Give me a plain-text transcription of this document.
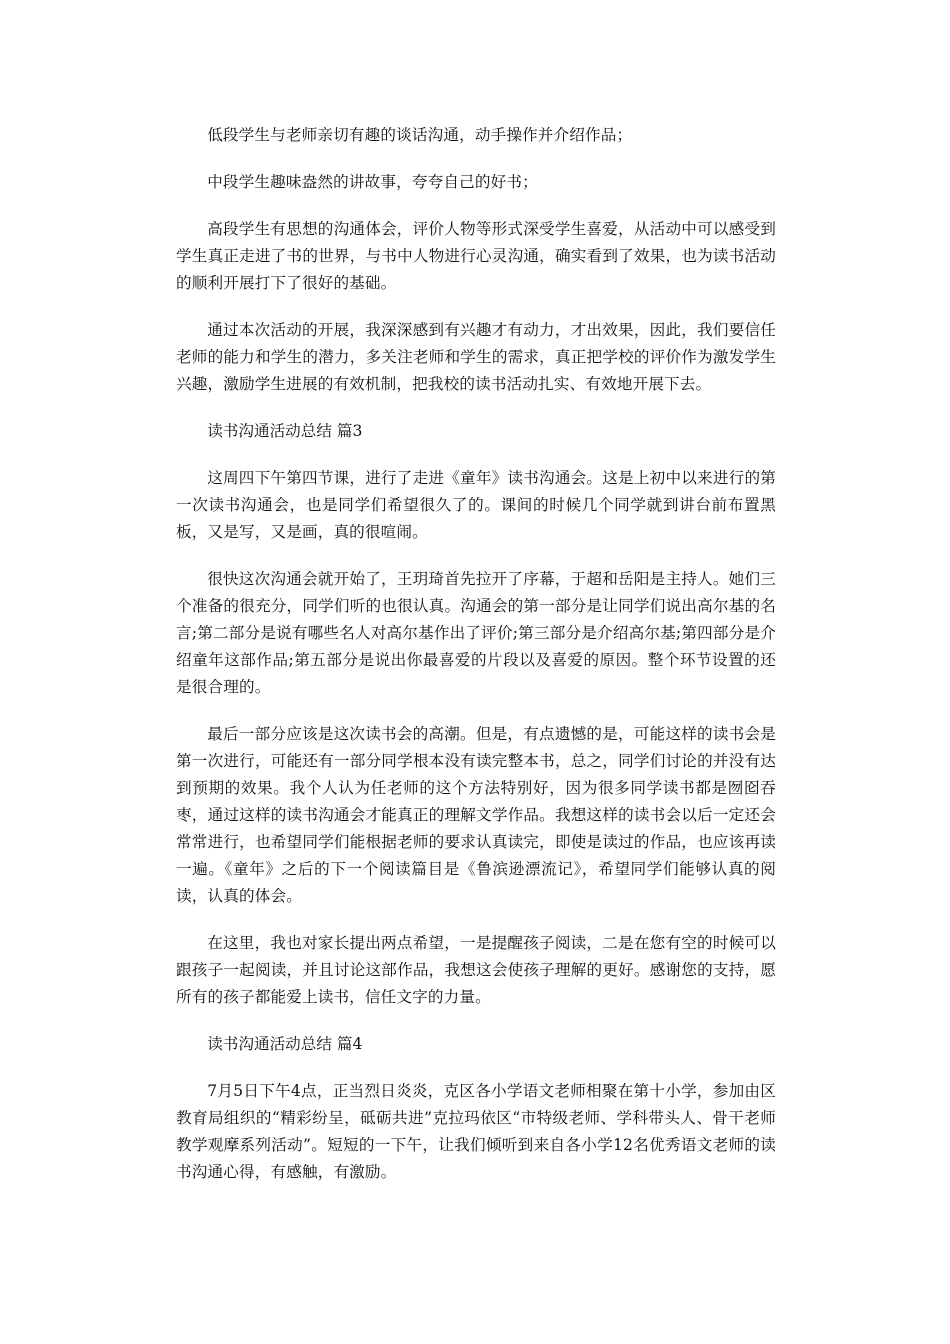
低段学生与老师亲切有趣的谈话沟通，动手操作并介绍作品；

中段学生趣味盎然的讲故事，夸夸自己的好书；

高段学生有思想的沟通体会，评价人物等形式深受学生喜爱，从活动中可以感受到学生真正走进了书的世界，与书中人物进行心灵沟通，确实看到了效果，也为读书活动的顺利开展打下了很好的基础。

通过本次活动的开展，我深深感到有兴趣才有动力，才出效果，因此，我们要信任老师的能力和学生的潜力，多关注老师和学生的需求，真正把学校的评价作为激发学生兴趣，激励学生进展的有效机制，把我校的读书活动扎实、有效地开展下去。

读书沟通活动总结 篇3

这周四下午第四节课，进行了走进《童年》读书沟通会。这是上初中以来进行的第一次读书沟通会，也是同学们希望很久了的。课间的时候几个同学就到讲台前布置黑板，又是写，又是画，真的很喧闹。

很快这次沟通会就开始了，王玥琦首先拉开了序幕，于超和岳阳是主持人。她们三个准备的很充分，同学们听的也很认真。沟通会的第一部分是让同学们说出高尔基的名言;第二部分是说有哪些名人对高尔基作出了评价;第三部分是介绍高尔基;第四部分是介绍童年这部作品;第五部分是说出你最喜爱的片段以及喜爱的原因。整个环节设置的还是很合理的。

最后一部分应该是这次读书会的高潮。但是，有点遗憾的是，可能这样的读书会是第一次进行，可能还有一部分同学根本没有读完整本书，总之，同学们讨论的并没有达到预期的效果。我个人认为任老师的这个方法特别好，因为很多同学读书都是囫囵吞枣，通过这样的读书沟通会才能真正的理解文学作品。我想这样的读书会以后一定还会常常进行，也希望同学们能根据老师的要求认真读完，即使是读过的作品，也应该再读一遍。《童年》之后的下一个阅读篇目是《鲁滨逊漂流记》，希望同学们能够认真的阅读，认真的体会。

在这里，我也对家长提出两点希望，一是提醒孩子阅读，二是在您有空的时候可以跟孩子一起阅读，并且讨论这部作品，我想这会使孩子理解的更好。感谢您的支持，愿所有的孩子都能爱上读书，信任文字的力量。

读书沟通活动总结 篇4

7月5日下午4点，正当烈日炎炎，克区各小学语文老师相聚在第十小学，参加由区教育局组织的“精彩纷呈，砥砺共进”克拉玛依区“市特级老师、学科带头人、骨干老师教学观摩系列活动”。短短的一下午，让我们倾听到来自各小学12名优秀语文老师的读书沟通心得，有感触，有激励。
